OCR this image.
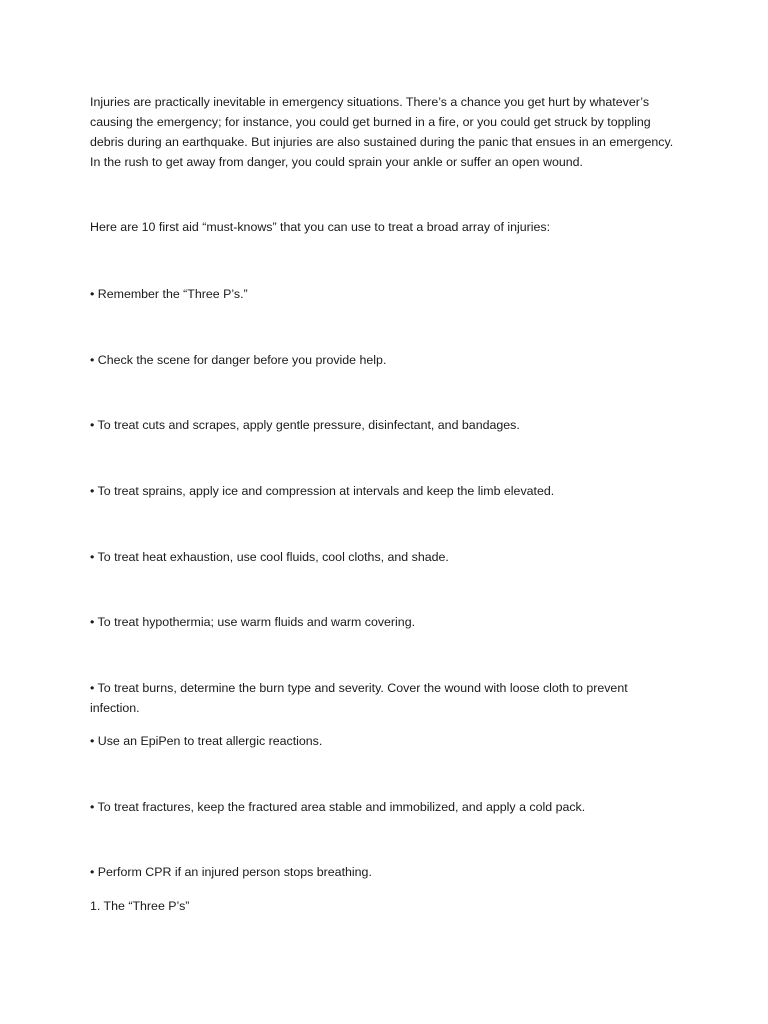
Injuries are practically inevitable in emergency situations. There’s a chance you get hurt by whatever’s causing the emergency; for instance, you could get burned in a fire, or you could get struck by toppling debris during an earthquake. But injuries are also sustained during the panic that ensues in an emergency. In the rush to get away from danger, you could sprain your ankle or suffer an open wound.

Here are 10 first aid “must-knows” that you can use to treat a broad array of injuries:

• Remember the “Three P’s.”

• Check the scene for danger before you provide help.

• To treat cuts and scrapes, apply gentle pressure, disinfectant, and bandages.

• To treat sprains, apply ice and compression at intervals and keep the limb elevated.

• To treat heat exhaustion, use cool fluids, cool cloths, and shade.

• To treat hypothermia; use warm fluids and warm covering.

• To treat burns, determine the burn type and severity. Cover the wound with loose cloth to prevent infection.

• Use an EpiPen to treat allergic reactions.

• To treat fractures, keep the fractured area stable and immobilized, and apply a cold pack.

• Perform CPR if an injured person stops breathing.

1. The “Three P’s”
